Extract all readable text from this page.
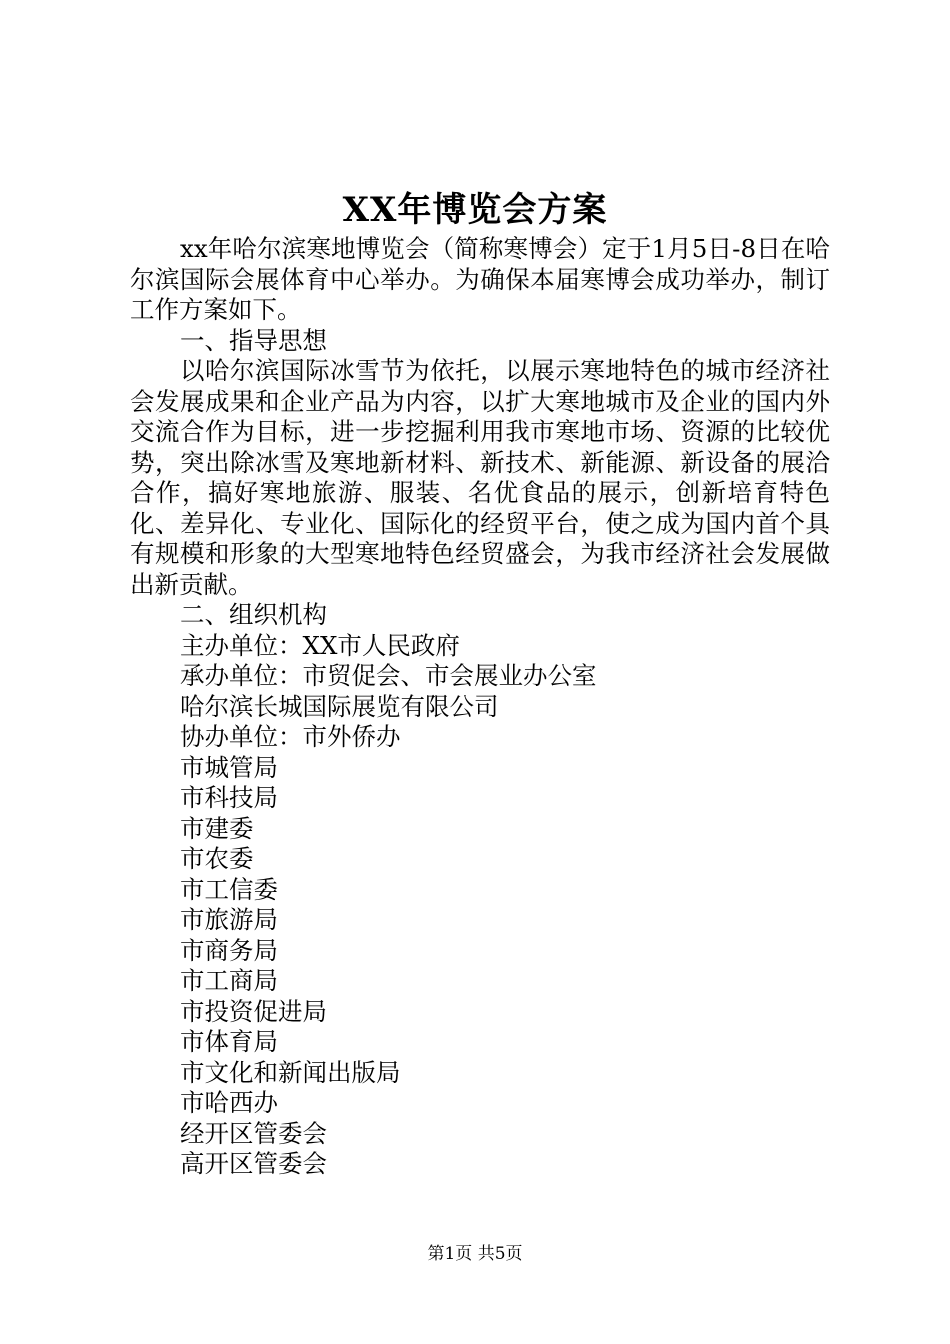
XX年博览会方案

xx年哈尔滨寒地博览会（简称寒博会）定于1月5日-8日在哈尔滨国际会展体育中心举办。为确保本届寒博会成功举办，制订工作方案如下。

一、指导思想

以哈尔滨国际冰雪节为依托，以展示寒地特色的城市经济社会发展成果和企业产品为内容，以扩大寒地城市及企业的国内外交流合作为目标，进一步挖掘利用我市寒地市场、资源的比较优势，突出除冰雪及寒地新材料、新技术、新能源、新设备的展洽合作，搞好寒地旅游、服装、名优食品的展示，创新培育特色化、差异化、专业化、国际化的经贸平台，使之成为国内首个具有规模和形象的大型寒地特色经贸盛会，为我市经济社会发展做出新贡献。

二、组织机构

主办单位：XX市人民政府

承办单位：市贸促会、市会展业办公室

哈尔滨长城国际展览有限公司

协办单位：市外侨办

市城管局

市科技局

市建委

市农委

市工信委

市旅游局

市商务局

市工商局

市投资促进局

市体育局

市文化和新闻出版局

市哈西办

经开区管委会

高开区管委会

第1页 共5页
